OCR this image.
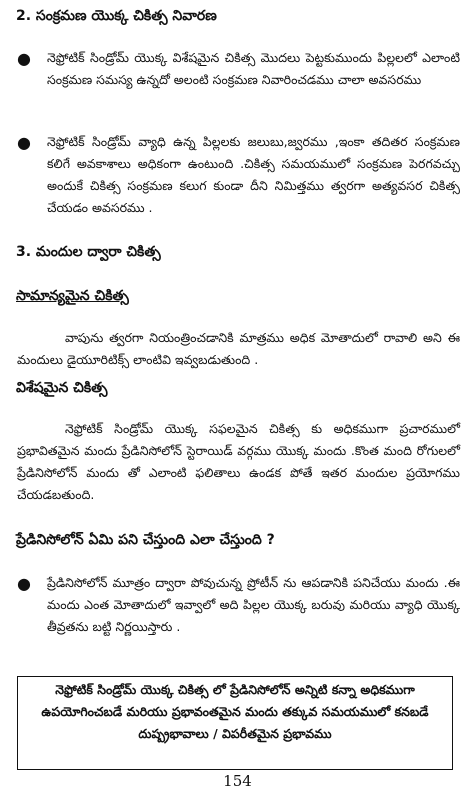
2. సంక్రమణ యొక్క చికిత్స నివారణ
● నెఫ్రోటిక్ సిండ్రోమ్ యొక్క విశేషమైన చికిత్స మొదలు పెట్టకుముందు పిల్లలలో ఎలాంటి సంక్రమణ సమస్య ఉన్నదో అలంటి సంక్రమణ నివారించడము చాలా అవసరము
● నెఫ్రోటిక్ సిండ్రోమ్ వ్యాధి ఉన్న పిల్లలకు జలుబు,జ్వరము ,ఇంకా తదితర సంక్రమణ కలిగే అవకాశాలు అధికంగా ఉంటుంది .చికిత్స సమయములో సంక్రమణ పెరగవచ్చు అందుకే చికిత్స సంక్రమణ కలుగ కుండా దీని నిమిత్తము త్వరగా అత్యవసర చికిత్స చేయడం అవసరము .
3. మందుల ద్వారా చికిత్స
సామాన్యమైన చికిత్స
వాపును త్వరగా నియంత్రించడానికి మాత్రము అధిక మోతాదులో రావాలి అని ఈ మందులు డైయూరిటిక్స్ లాంటివి ఇవ్వబడుతుంది .
విశేషమైన చికిత్స
నెఫ్రోటిక్ సిండ్రోమ్ యొక్క సఫలమైన చికిత్స కు అధికముగా ప్రచారములో ప్రభావితమైన మందు ప్రేడినిసోలోన్ స్టెరాయిడ్ వర్గము యొక్క మందు .కొంత మంది రోగులలో ప్రేడినిసోలోన్ మందు తో ఎలాంటి ఫలితాలు ఉండక పోతే ఇతర మందుల ప్రయోగము చేయడబతుంది.
ప్రేడినిసోలోన్ ఏమి పని చేస్తుంది ఎలా చేస్తుంది ?
● ప్రేడినిసోలోన్ మూత్రం ద్వారా పోవుచున్న ప్రోటీన్ ను ఆపడానికి పనిచేయు మందు .ఈ మందు ఎంత మోతాదులో ఇవ్వాలో అది పిల్లల యొక్క బరువు మరియు వ్యాధి యొక్క తీవ్రతను బట్టి నిర్ణయిస్తారు .
నెఫ్రోటిక్ సిండ్రోమ్ యొక్క చికిత్స లో ప్రేడినిసోలోన్ అన్నిటి కన్నా అధికముగా ఉపయోగించబడే మరియు ప్రభావంతమైన మందు తక్కువ సమయములో కనబడే దుష్ప్రభావాలు / విపరీతమైన ప్రభావము
154
